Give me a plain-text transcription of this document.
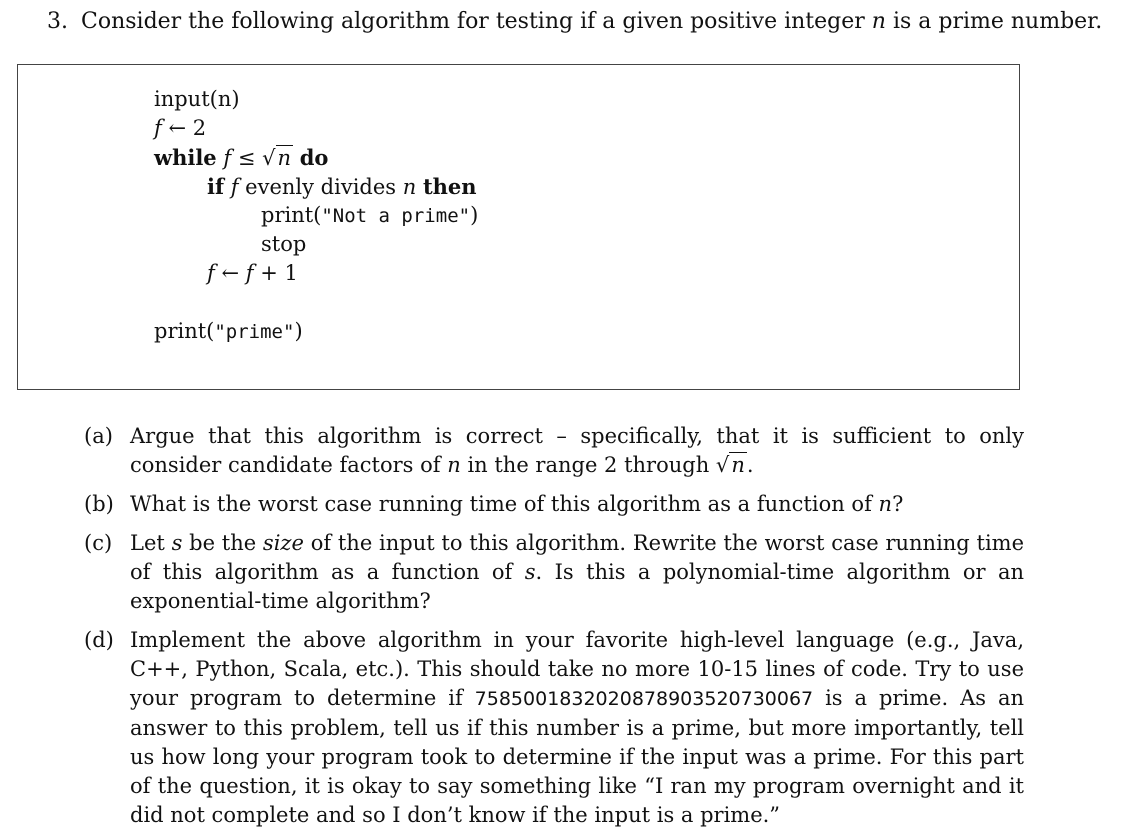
3. Consider the following algorithm for testing if a given positive integer n is a prime number.
input(n)
f ← 2
while f ≤ √n do
if f evenly divides n then
print("Not a prime")
stop
f ← f + 1
print("prime")
(a) Argue that this algorithm is correct – specifically, that it is sufficient to only consider candidate factors of n in the range 2 through √n.
(b) What is the worst case running time of this algorithm as a function of n?
(c) Let s be the size of the input to this algorithm. Rewrite the worst case running time of this algorithm as a function of s. Is this a polynomial-time algorithm or an exponential-time algorithm?
(d) Implement the above algorithm in your favorite high-level language (e.g., Java, C++, Python, Scala, etc.). This should take no more 10-15 lines of code. Try to use your program to determine if 7585001832020878903520730067 is a prime. As an answer to this problem, tell us if this number is a prime, but more importantly, tell us how long your program took to determine if the input was a prime. For this part of the question, it is okay to say something like “I ran my program overnight and it did not complete and so I don’t know if the input is a prime.”
